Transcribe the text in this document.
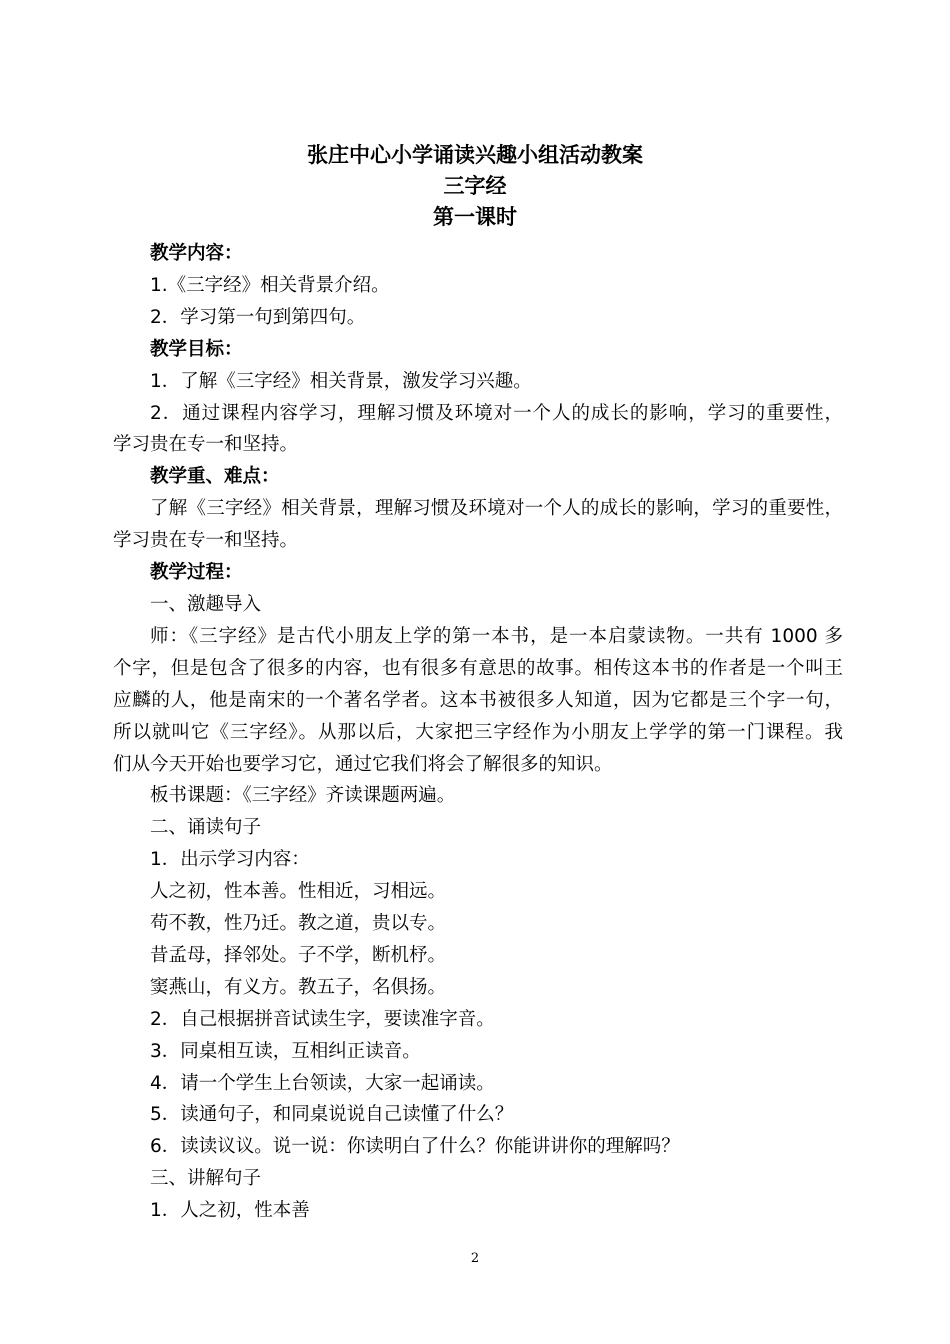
张庄中心小学诵读兴趣小组活动教案
三字经
第一课时
教学内容：
1.《三字经》相关背景介绍。
2．学习第一句到第四句。
教学目标：
1．了解《三字经》相关背景，激发学习兴趣。
2．通过课程内容学习，理解习惯及环境对一个人的成长的影响，学习的重要性，
学习贵在专一和坚持。
教学重、难点：
了解《三字经》相关背景，理解习惯及环境对一个人的成长的影响，学习的重要性，
学习贵在专一和坚持。
教学过程：
一、激趣导入
师：《三字经》是古代小朋友上学的第一本书，是一本启蒙读物。一共有 1000 多
个字，但是包含了很多的内容，也有很多有意思的故事。相传这本书的作者是一个叫王
应麟的人，他是南宋的一个著名学者。这本书被很多人知道，因为它都是三个字一句，
所以就叫它《三字经》。从那以后，大家把三字经作为小朋友上学学的第一门课程。我
们从今天开始也要学习它，通过它我们将会了解很多的知识。
板书课题：《三字经》齐读课题两遍。
二、诵读句子
1．出示学习内容：
人之初，性本善。性相近，习相远。
苟不教，性乃迁。教之道，贵以专。
昔孟母，择邻处。子不学，断机杼。
窦燕山，有义方。教五子，名俱扬。
2．自己根据拼音试读生字，要读准字音。
3．同桌相互读，互相纠正读音。
4．请一个学生上台领读，大家一起诵读。
5．读通句子，和同桌说说自己读懂了什么？
6．读读议议。说一说：你读明白了什么？你能讲讲你的理解吗？
三、讲解句子
1．人之初，性本善
2
